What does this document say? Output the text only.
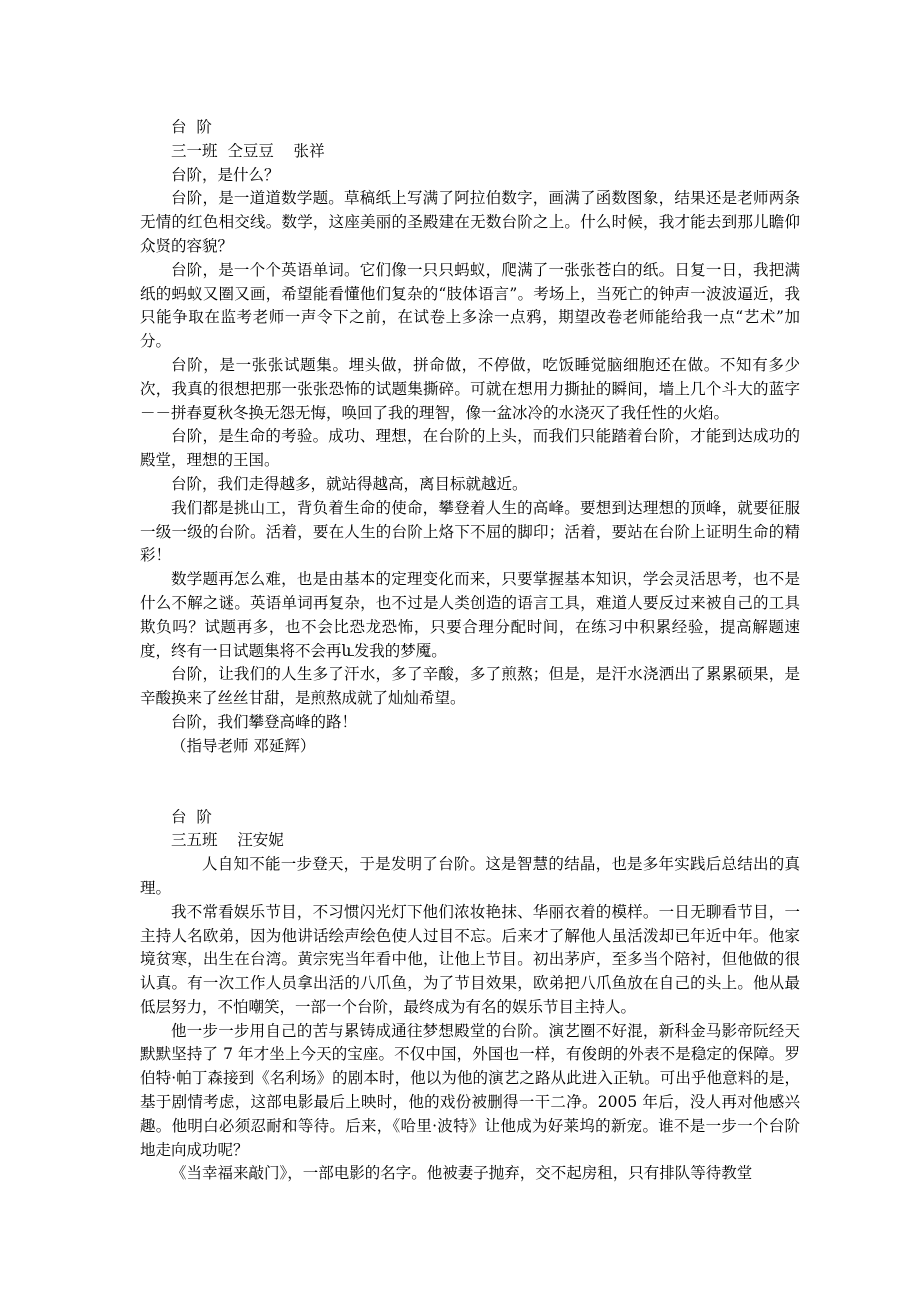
台  阶

三一班  仝豆豆    张祥

台阶，是什么？

台阶，是一道道数学题。草稿纸上写满了阿拉伯数字，画满了函数图象，结果还是老师两条无情的红色相交线。数学，这座美丽的圣殿建在无数台阶之上。什么时候，我才能去到那儿瞻仰众贤的容貌？

台阶，是一个个英语单词。它们像一只只蚂蚁，爬满了一张张苍白的纸。日复一日，我把满纸的蚂蚁又圈又画，希望能看懂他们复杂的“肢体语言”。考场上，当死亡的钟声一波波逼近，我只能争取在监考老师一声令下之前，在试卷上多涂一点鸦，期望改卷老师能给我一点“艺术”加分。

台阶，是一张张试题集。埋头做，拼命做，不停做，吃饭睡觉脑细胞还在做。不知有多少次，我真的很想把那一张张恐怖的试题集撕碎。可就在想用力撕扯的瞬间，墙上几个斗大的蓝字－－拼春夏秋冬换无怨无悔，唤回了我的理智，像一盆冰冷的水浇灭了我任性的火焰。

台阶，是生命的考验。成功、理想，在台阶的上头，而我们只能踏着台阶，才能到达成功的殿堂，理想的王国。

台阶，我们走得越多，就站得越高，离目标就越近。

我们都是挑山工，背负着生命的使命，攀登着人生的高峰。要想到达理想的顶峰，就要征服一级一级的台阶。活着，要在人生的台阶上烙下不屈的脚印；活着，要站在台阶上证明生命的精彩！

数学题再怎么难，也是由基本的定理变化而来，只要掌握基本知识，学会灵活思考，也不是什么不解之谜。英语单词再复杂，也不过是人类创造的语言工具，难道人要反过来被自己的工具欺负吗？试题再多，也不会比恐龙恐怖，只要合理分配时间，在练习中积累经验，提高解题速度，终有一日试题集将不会再և发我的梦魇。

台阶，让我们的人生多了汗水，多了辛酸，多了煎熬；但是，是汗水浇洒出了累累硕果，是辛酸换来了丝丝甘甜，是煎熬成就了灿灿希望。

台阶，我们攀登高峰的路！

（指导老师 邓延辉）

台  阶

三五班    汪安妮

人自知不能一步登天，于是发明了台阶。这是智慧的结晶，也是多年实践后总结出的真理。

我不常看娱乐节目，不习惯闪光灯下他们浓妆艳抹、华丽衣着的模样。一日无聊看节目，一主持人名欧弟，因为他讲话绘声绘色使人过目不忘。后来才了解他人虽活泼却已年近中年。他家境贫寒，出生在台湾。黄宗宪当年看中他，让他上节目。初出茅庐，至多当个陪衬，但他做的很认真。有一次工作人员拿出活的八爪鱼，为了节目效果，欧弟把八爪鱼放在自己的头上。他从最低层努力，不怕嘲笑，一部一个台阶，最终成为有名的娱乐节目主持人。

他一步一步用自己的苦与累铸成通往梦想殿堂的台阶。演艺圈不好混，新科金马影帝阮经天默默坚持了 7 年才坐上今天的宝座。不仅中国，外国也一样，有俊朗的外表不是稳定的保障。罗伯特·帕丁森接到《名利场》的剧本时，他以为他的演艺之路从此进入正轨。可出乎他意料的是，基于剧情考虑，这部电影最后上映时，他的戏份被删得一干二净。2005 年后，没人再对他感兴趣。他明白必须忍耐和等待。后来，《哈里·波特》让他成为好莱坞的新宠。谁不是一步一个台阶地走向成功呢？

《当幸福来敲门》，一部电影的名字。他被妻子抛弃，交不起房租，只有排队等待教堂
